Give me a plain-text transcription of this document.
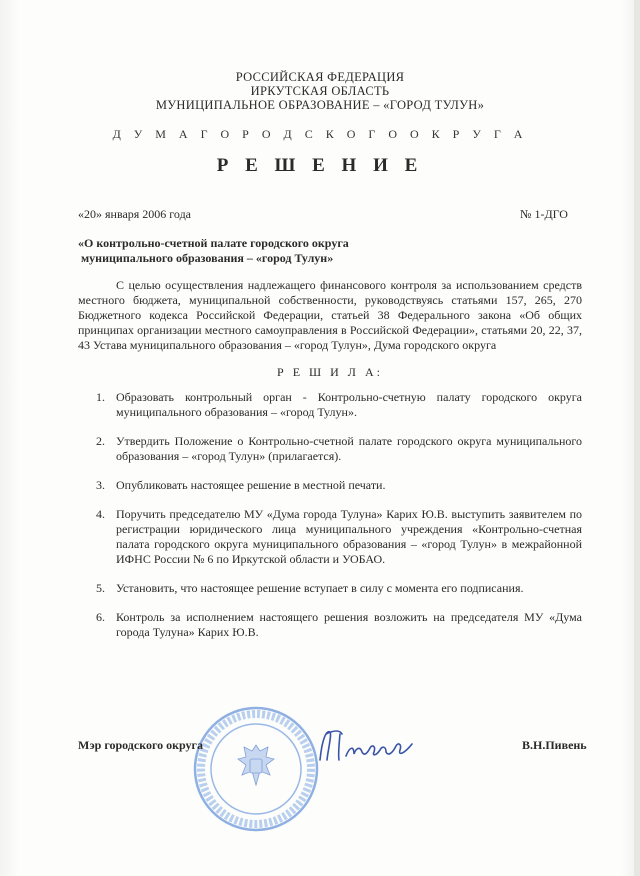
РОССИЙСКАЯ ФЕДЕРАЦИЯ
ИРКУТСКАЯ ОБЛАСТЬ
МУНИЦИПАЛЬНОЕ ОБРАЗОВАНИЕ – «ГОРОД ТУЛУН»
Д У М А Г О Р О Д С К О Г О О К Р У Г А
Р Е Ш Е Н И Е
«20» января 2006 года	№ 1-ДГО
«О контрольно-счетной палате городского округа
муниципального образования – «город Тулун»
С целью осуществления надлежащего финансового контроля за использованием средств местного бюджета, муниципальной собственности, руководствуясь статьями 157, 265, 270 Бюджетного кодекса Российской Федерации, статьей 38 Федерального закона «Об общих принципах организации местного самоуправления в Российской Федерации», статьями 20, 22, 37, 43 Устава муниципального образования – «город Тулун», Дума городского округа
Р Е Ш И Л А:
1. Образовать контрольный орган - Контрольно-счетную палату городского округа муниципального образования – «город Тулун».
2. Утвердить Положение о Контрольно-счетной палате городского округа муниципального образования – «город Тулун» (прилагается).
3. Опубликовать настоящее решение в местной печати.
4. Поручить председателю МУ «Дума города Тулуна» Карих Ю.В. выступить заявителем по регистрации юридического лица муниципального учреждения «Контрольно-счетная палата городского округа муниципального образования – «город Тулун» в межрайонной ИФНС России № 6 по Иркутской области и УОБАО.
5. Установить, что настоящее решение вступает в силу с момента его подписания.
6. Контроль за исполнением настоящего решения возложить на председателя МУ «Дума города Тулуна» Карих Ю.В.
Мэр городского округа	В.Н.Пивень
